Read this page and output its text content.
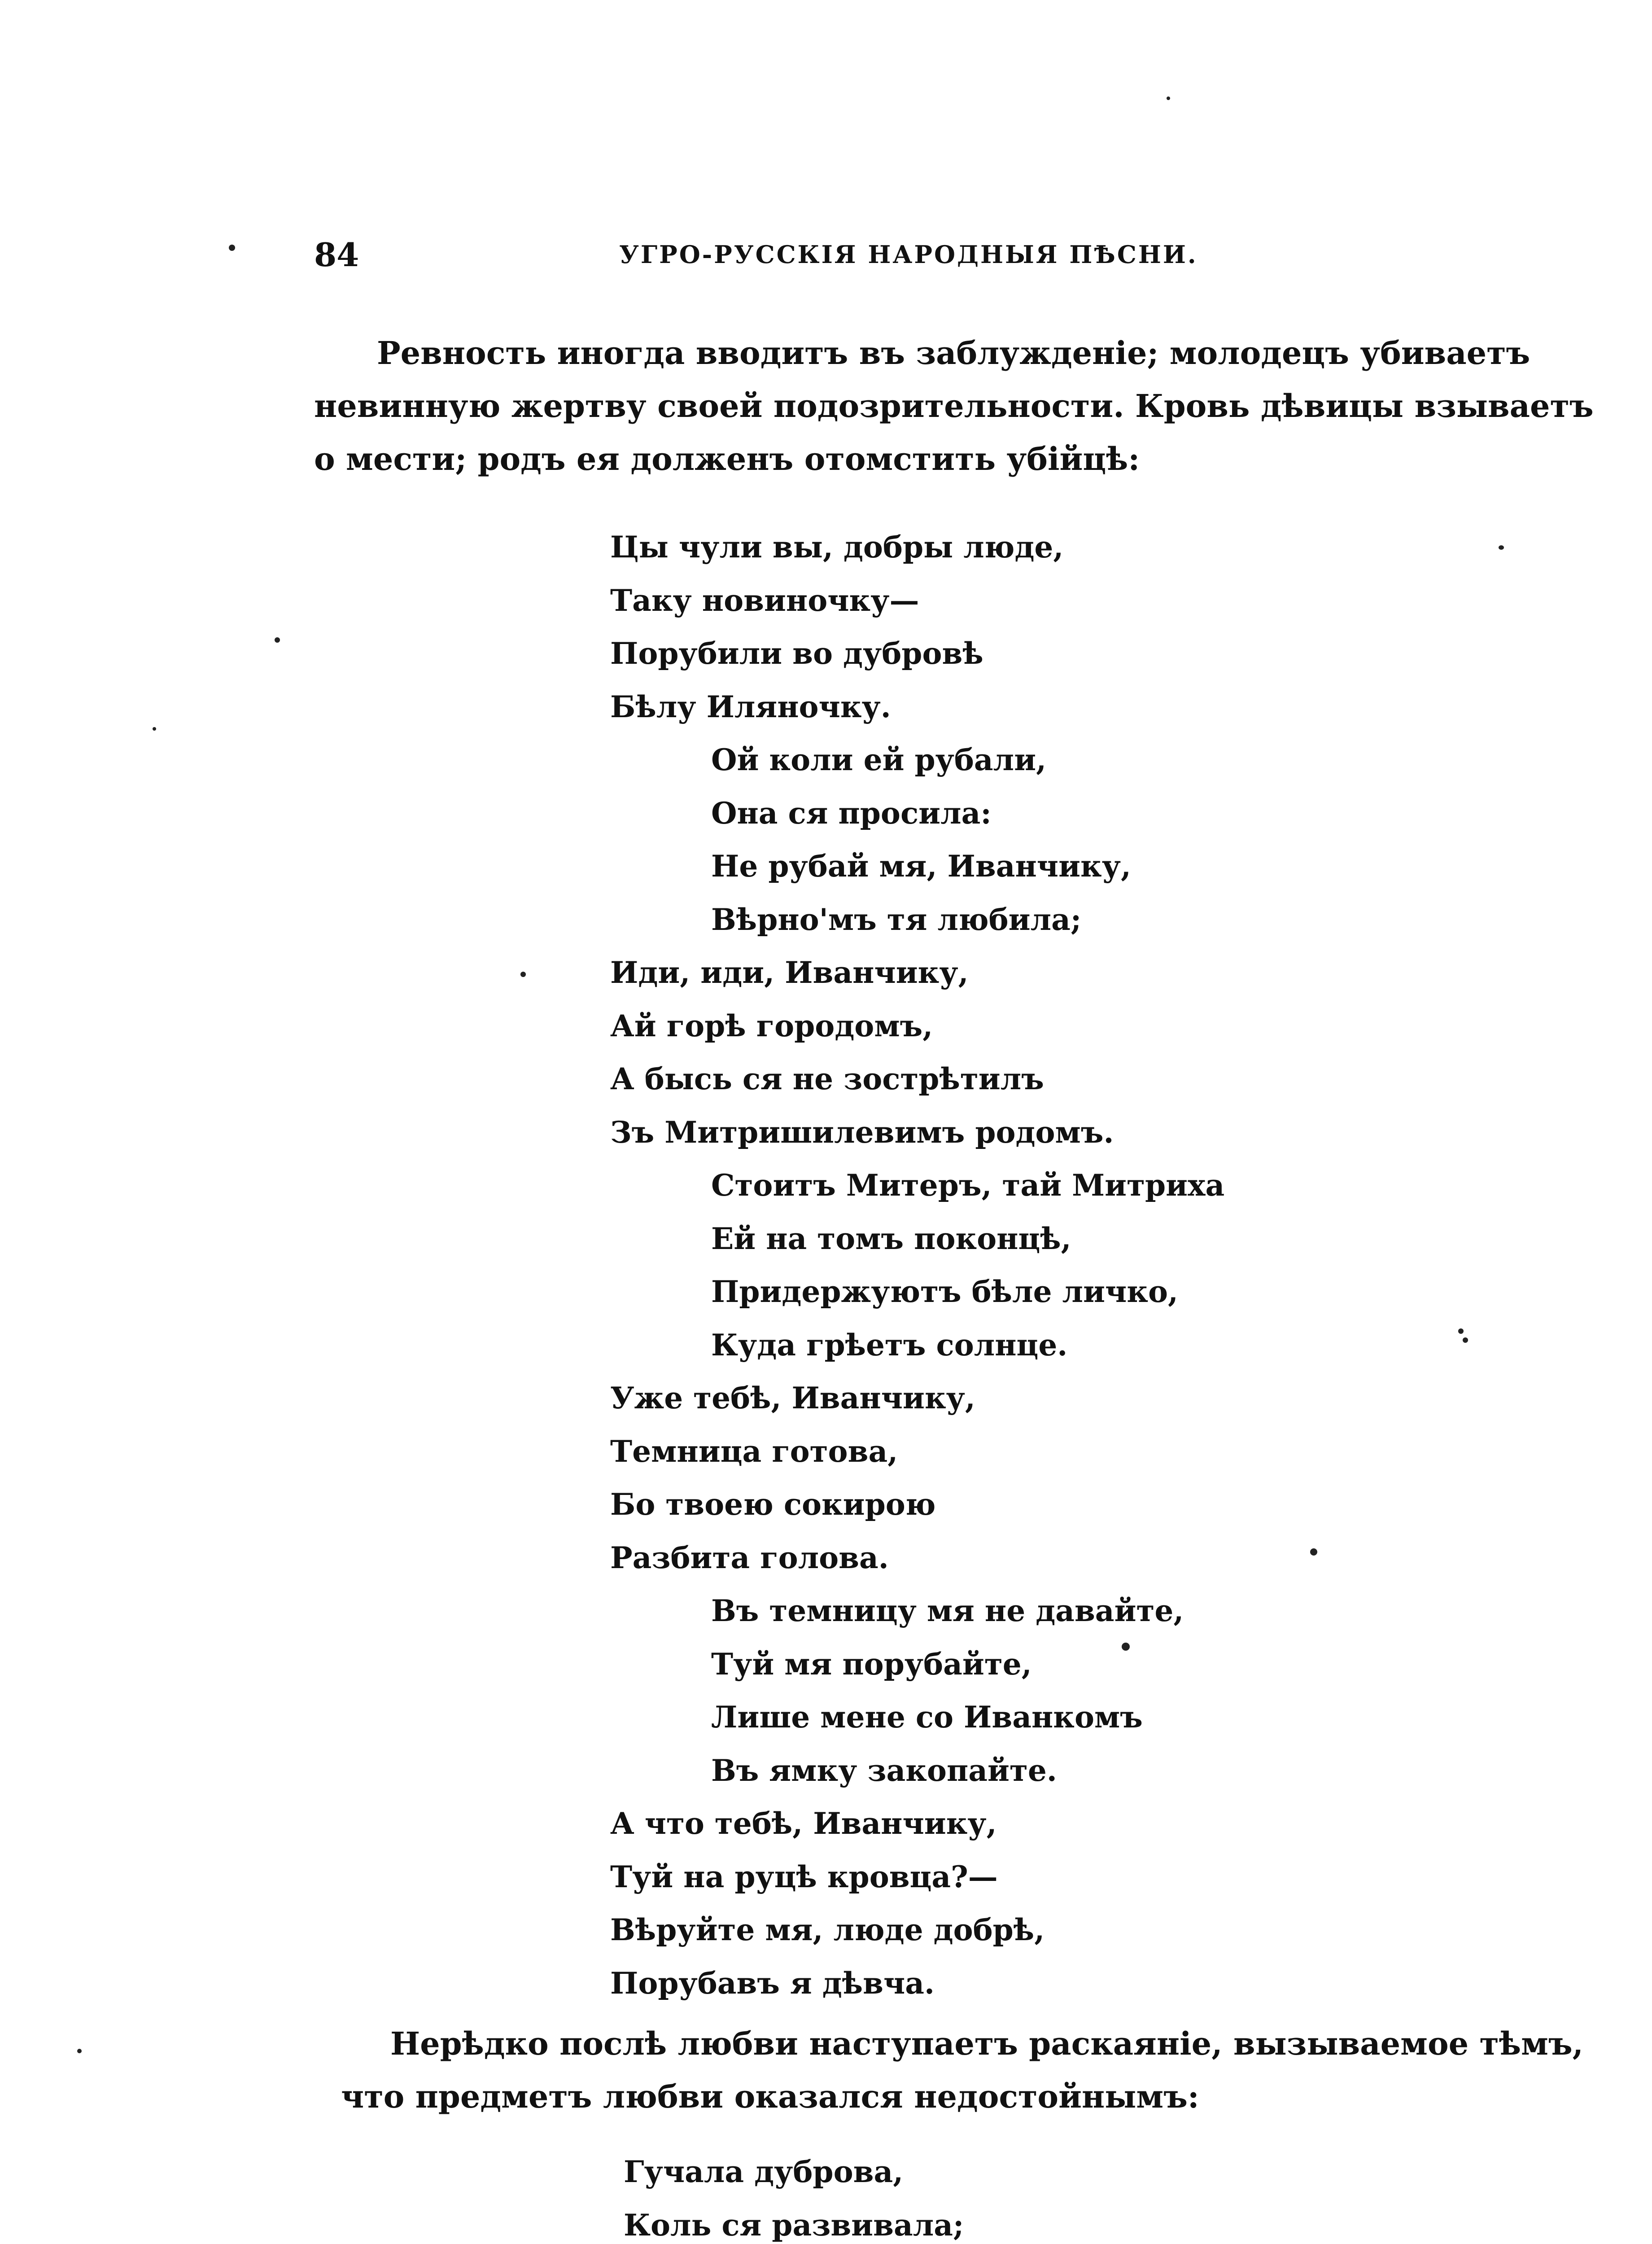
84	УГРО-РУССКІЯ НАРОДНЫЯ ПѢСНИ.

Ревность иногда вводитъ въ заблужденіе; молодецъ убиваетъ
невинную жертву своей подозрительности. Кровь дѣвицы взываетъ
о мести; родъ ея долженъ отомстить убійцѣ:

Цы чули вы, добры люде,
Таку новиночку—
Порубили во дубровѣ
Бѣлу Иляночку.
Ой коли ей рубали,
Она ся просила:
Не рубай мя, Иванчику,
Вѣрно'мъ тя любила;
Иди, иди, Иванчику,
Ай горѣ городомъ,
А бысь ся не зострѣтилъ
Зъ Митришилевимъ родомъ.
Стоитъ Митеръ, тай Митриха
Ей на томъ поконцѣ,
Придержуютъ бѣле личко,
Куда грѣетъ солнце.
Уже тебѣ, Иванчику,
Темница готова,
Бо твоею сокирою
Разбита голова.
Въ темницу мя не давайте,
Туй мя порубайте,
Лише мене со Иванкомъ
Въ ямку закопайте.
А что тебѣ, Иванчику,
Туй на руцѣ кровца?—
Вѣруйте мя, люде добрѣ,
Порубавъ я дѣвча.

Нерѣдко послѣ любви наступаетъ раскаяніе, вызываемое тѣмъ,
что предметъ любви оказался недостойнымъ:

Гучала дуброва,
Коль ся развивала;
